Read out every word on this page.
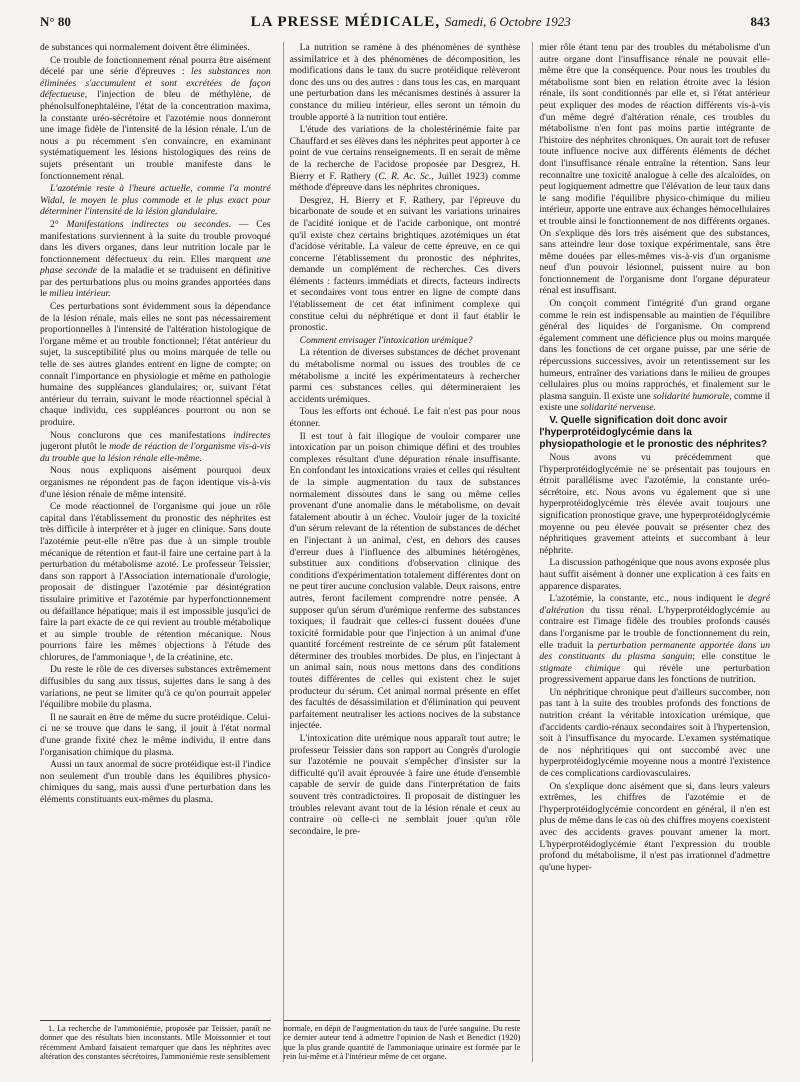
N° 80	LA PRESSE MÉDICALE, Samedi, 6 Octobre 1923	843

de substances qui normalement doivent être éliminées.

Ce trouble de fonctionnement rénal pourra être aisément décelé par une série d'épreuves : les substances non éliminées s'accumulent et sont excrétées de façon défectueuse, l'injection de bleu de méthylène, de phénolsulfonephtaléine, l'état de la concentration maxima, la constante uréo-sécrétoire et l'azotémie nous donneront une image fidèle de l'intensité de la lésion rénale. L'un de nous a pu récemment s'en convaincre, en examinant systématiquement les lésions histologiques des reins de sujets présentant un trouble manifeste dans le fonctionnement rénal.

L'azotémie reste à l'heure actuelle, comme l'a montré Widal, le moyen le plus commode et le plus exact pour déterminer l'intensité de la lésion glandulaire.

2° Manifestations indirectes ou secondes. — Ces manifestations surviennent à la suite du trouble provoqué dans les divers organes, dans leur nutrition locale par le fonctionnement défectueux du rein. Elles marquent une phase seconde de la maladie et se traduisent en définitive par des perturbations plus ou moins grandes apportées dans le milieu intérieur.

Ces perturbations sont évidemment sous la dépendance de la lésion rénale, mais elles ne sont pas nécessairement proportionnelles à l'intensité de l'altération histologique de l'organe même et au trouble fonctionnel; l'état antérieur du sujet, la susceptibilité plus ou moins marquée de telle ou telle de ses autres glandes entrent en ligne de compte; on connaît l'importance en physiologie et même en pathologie humaine des suppléances glandulaires; or, suivant l'état antérieur du terrain, suivant le mode réactionnel spécial à chaque individu, ces suppléances pourront ou non se produire.

Nous conclurons que ces manifestations indirectes jugeront plutôt le mode de réaction de l'organisme vis-à-vis du trouble que la lésion rénale elle-même.

Nous nous expliquons aisément pourquoi deux organismes ne répondent pas de façon identique vis-à-vis d'une lésion rénale de même intensité.

Ce mode réactionnel de l'organisme qui joue un rôle capital dans l'établissement du pronostic des néphrites est très difficile à interpréter et à juger en clinique. Sans doute l'azotémie peut-elle n'être pas due à un simple trouble mécanique de rétention et faut-il faire une certaine part à la perturbation du métabolisme azoté. Le professeur Teissier, dans son rapport à l'Association internationale d'urologie, proposait de distinguer l'azotémie par désintégration tissulaire primitive et l'azotémie par hyperfonctionnement ou défaillance hépatique; mais il est impossible jusqu'ici de faire la part exacte de ce qui revient au trouble métabolique et au simple trouble de rétention mécanique. Nous pourrions faire les mêmes objections à l'étude des chlorures, de l'ammoniaque ¹, de la créatinine, etc.

Du reste le rôle de ces diverses substances extrêmement diffusibles du sang aux tissus, sujettes dans le sang à des variations, ne peut se limiter qu'à ce qu'on pourrait appeler l'équilibre mobile du plasma.

Il ne saurait en être de même du sucre protéidique. Celui-ci ne se trouve que dans le sang, il jouit à l'état normal d'une grande fixité chez le même individu, il entre dans l'organisation chimique du plasma.

Aussi un taux anormal de sucre protéidique est-il l'indice non seulement d'un trouble dans les équilibres physico-chimiques du sang, mais aussi d'une perturbation dans les éléments constituants eux-mêmes du plasma.

1. La recherche de l'ammoniémie, proposée par Teissier, paraît ne donner que des résultats bien inconstants. Mlle Moissonnier et tout récemment Ambard faisaient remarquer que dans les néphrites avec altération des constantes sécrétoires, l'ammoniémie reste sensiblement

La nutrition se ramène à des phénomènes de synthèse assimilatrice et à des phénomènes de décomposition, les modifications dans le taux du sucre protéidique relèveront donc des uns ou des autres : dans tous les cas, en marquant une perturbation dans les mécanismes destinés à assurer la constance du milieu intérieur, elles seront un témoin du trouble apporté à la nutrition tout entière.

L'étude des variations de la cholestérinémie faite par Chauffard et ses élèves dans les néphrites peut apporter à ce point de vue certains renseignements. Il en serait de même de la recherche de l'acidose proposée par Desgrez, H. Bierry et F. Rathery (C. R. Ac. Sc., Juillet 1923) comme méthode d'épreuve dans les néphrites chroniques.

Desgrez, H. Bierry et F. Rathery, par l'épreuve du bicarbonate de soude et en suivant les variations urinaires de l'acidité ionique et de l'acide carbonique, ont montré qu'il existe chez certains brightiques azotémiques un état d'acidose véritable. La valeur de cette épreuve, en ce qui concerne l'établissement du pronostic des néphrites, demande un complément de recherches. Ces divers éléments : facteurs immédiats et directs, facteurs indirects et secondaires vont tous entrer en ligne de compte dans l'établissement de cet état infiniment complexe qui constitue celui du néphrétique et dont il faut établir le pronostic.

Comment envisager l'intoxication urémique?

La rétention de diverses substances de déchet provenant du métabolisme normal ou issues des troubles de ce métabolisme a incité les expérimentateurs à rechercher parmi ces substances celles qui détermineraient les accidents urémiques.

Tous les efforts ont échoué. Le fait n'est pas pour nous étonner.

Il est tout à fait illogique de vouloir comparer une intoxication par un poison chimique défini et des troubles complexes résultant d'une dépuration rénale insuffisante. En confondant les intoxications vraies et celles qui résultent de la simple augmentation du taux de substances normalement dissoutes dans le sang ou même celles provenant d'une anomalie dans le métabolisme, on devait fatalement aboutir à un échec. Vouloir juger de la toxicité d'un sérum relevant de la rétention de substances de déchet en l'injectant à un animal, c'est, en dehors des causes d'erreur dues à l'influence des albumines hétérogènes, substituer aux conditions d'observation clinique des conditions d'expérimentation totalement différentes dont on ne peut tirer aucune conclusion valable. Deux raisons, entre autres, feront facilement comprendre notre pensée. A supposer qu'un sérum d'urémique renferme des substances toxiques, il faudrait que celles-ci fussent douées d'une toxicité formidable pour que l'injection à un animal d'une quantité forcément restreinte de ce sérum pût fatalement déterminer des troubles morbides. De plus, en l'injectant à un animal sain, nous nous mettons dans des conditions toutes différentes de celles qui existent chez le sujet producteur du sérum. Cet animal normal présente en effet des facultés de désassimilation et d'élimination qui peuvent parfaitement neutraliser les actions nocives de la substance injectée.

L'intoxication dite urémique nous apparaît tout autre; le professeur Teissier dans son rapport au Congrès d'urologie sur l'azotémie ne pouvait s'empêcher d'insister sur la difficulté qu'il avait éprouvée à faire une étude d'ensemble capable de servir de guide dans l'interprétation de faits souvent très contradictoires. Il proposait de distinguer les troubles relevant avant tout de la lésion rénale et ceux au contraire où celle-ci ne semblait jouer qu'un rôle secondaire, le pre-

normale, en dépit de l'augmentation du taux de l'urée sanguine. Du reste ce dernier auteur tend à admettre l'opinion de Nash et Benedict (1920) que la plus grande quantité de l'ammoniaque urinaire est formée par le rein lui-même et à l'intérieur même de cet organe.

mier rôle étant tenu par des troubles du métabolisme d'un autre organe dont l'insuffisance rénale ne pouvait elle-même être que la conséquence. Pour nous les troubles du métabolisme sont bien en relation étroite avec la lésion rénale, ils sont conditionnés par elle et, si l'état antérieur peut expliquer des modes de réaction différents vis-à-vis d'un même degré d'altération rénale, ces troubles du métabolisme n'en font pas moins partie intégrante de l'histoire des néphrites chroniques. On aurait tort de refuser toute influence nocive aux différents éléments de déchet dont l'insuffisance rénale entraîne la rétention. Sans leur reconnaître une toxicité analogue à celle des alcaloïdes, on peut logiquement admettre que l'élévation de leur taux dans le sang modifie l'équilibre physico-chimique du milieu intérieur, apporte une entrave aux échanges hémocellulaires et trouble ainsi le fonctionnement de nos différents organes. On s'explique dès lors très aisément que des substances, sans atteindre leur dose toxique expérimentale, sans être même douées par elles-mêmes vis-à-vis d'un organisme neuf d'un pouvoir lésionnel, puissent nuire au bon fonctionnement de l'organisme dont l'organe dépurateur rénal est insuffisant.

On conçoit comment l'intégrité d'un grand organe comme le rein est indispensable au maintien de l'équilibre général des liquides de l'organisme. On comprend également comment une déficience plus ou moins marquée dans les fonctions de cet organe puisse, par une série de répercussions successives, avoir un retentissement sur les humeurs, entraîner des variations dans le milieu de groupes cellulaires plus ou moins rapprochés, et finalement sur le plasma sanguin. Il existe une solidarité humorale, comme il existe une solidarité nerveuse.

V. Quelle signification doit donc avoir l'hyperprotéidoglycémie dans la physiopathologie et le pronostic des néphrites?

Nous avons vu précédemment que l'hyperprotéidoglycémie ne se présentait pas toujours en étroit parallélisme avec l'azotémie, la constante uréo-sécrétoire, etc. Nous avons vu également que si une hyperprotéidoglycémie très élevée avait toujours une signification pronostique grave, une hyperprotéidoglycémie moyenne ou peu élevée pouvait se présenter chez des néphritiques gravement atteints et succombant à leur néphrite.

La discussion pathogénique que nous avons exposée plus haut suffit aisément à donner une explication à ces faits en apparence disparates.

L'azotémie, la constante, etc., nous indiquent le degré d'altération du tissu rénal. L'hyperprotéidoglycémie au contraire est l'image fidèle des troubles profonds causés dans l'organisme par le trouble de fonctionnement du rein, elle traduit la perturbation permanente apportée dans un des constituants du plasma sanguin; elle constitue le stigmate chimique qui révèle une perturbation progressivement apparue dans les fonctions de nutrition.

Un néphritique chronique peut d'ailleurs succomber, non pas tant à la suite des troubles profonds des fonctions de nutrition créant la véritable intoxication urémique, que d'accidents cardio-rénaux secondaires soit à l'hypertension, soit à l'insuffisance du myocarde. L'examen systématique de nos néphritiques qui ont succombé avec une hyperprotéidoglycémie moyenne nous a montré l'existence de ces complications cardiovasculaires.

On s'explique donc aisément que si, dans leurs valeurs extrêmes, les chiffres de l'azotémie et de l'hyperprotéidoglycémie concordent en général, il n'en est plus de même dans le cas où des chiffres moyens coexistent avec des accidents graves pouvant amener la mort. L'hyperprotéidoglycémie étant l'expression du trouble profond du métabolisme, il n'est pas irrationnel d'admettre qu'une hyper-
